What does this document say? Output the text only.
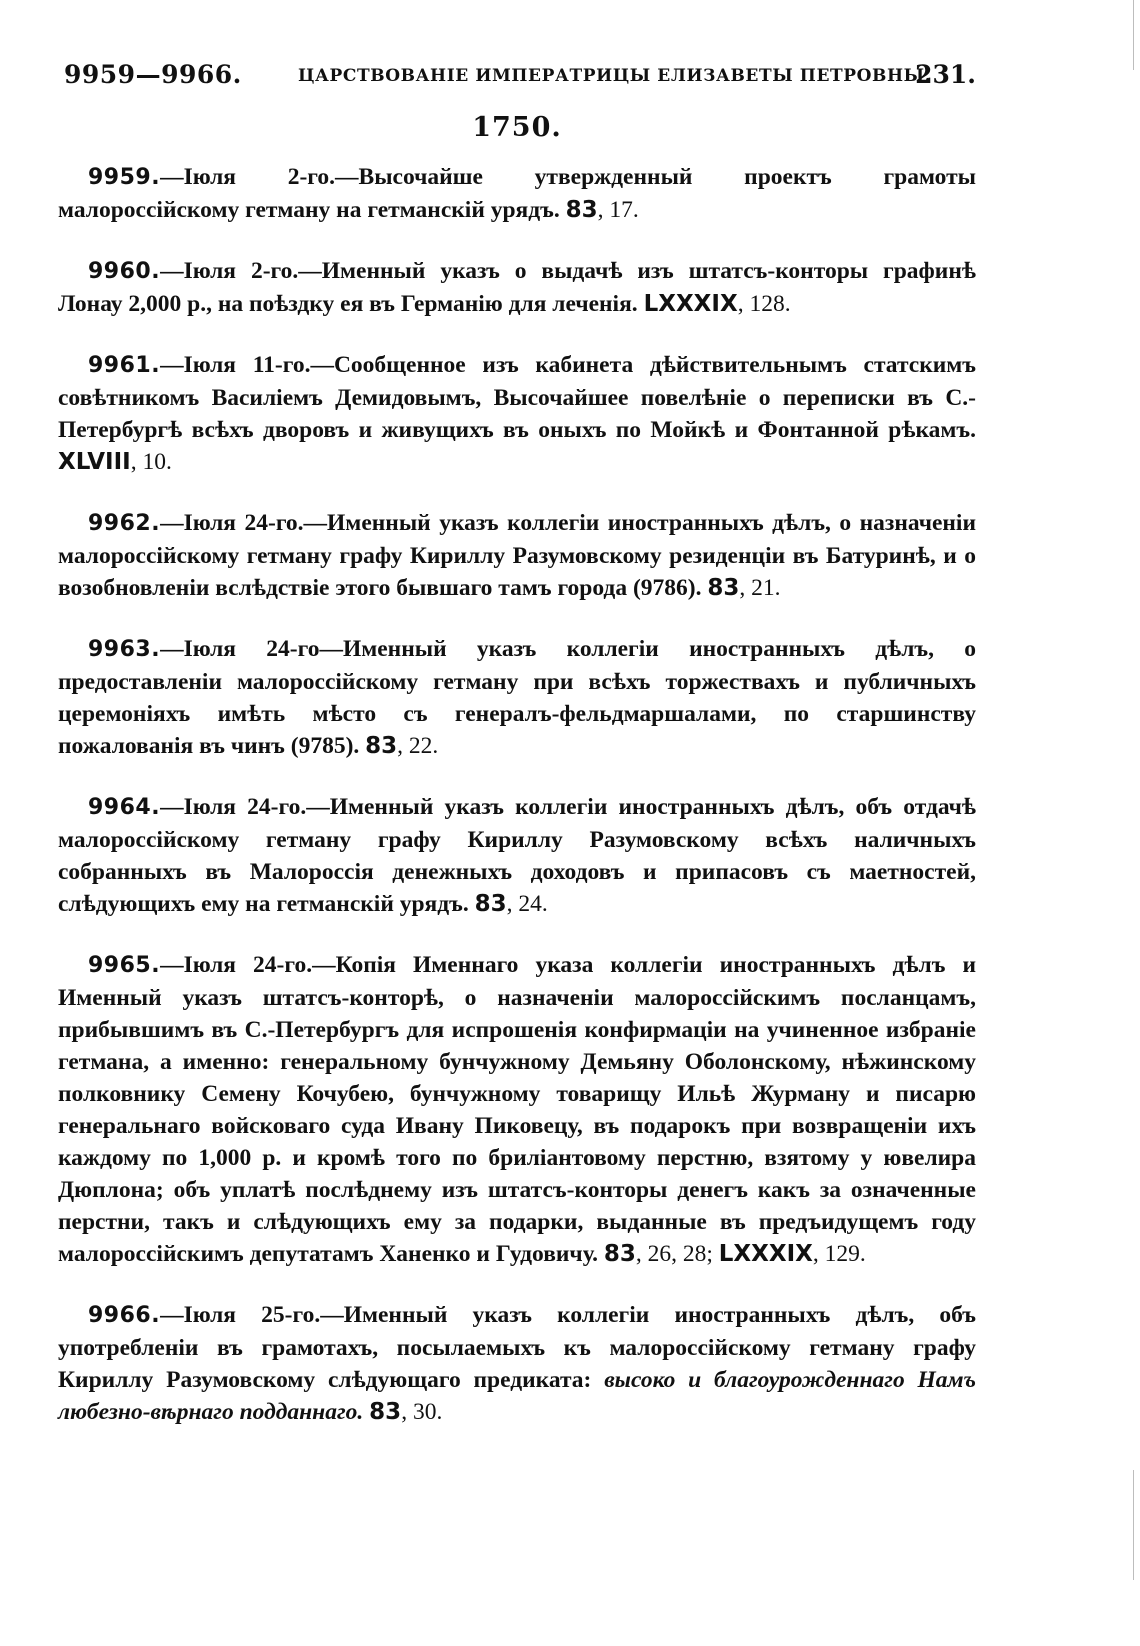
9959—9966.	ЦАРСТВОВАНІЕ ИМПЕРАТРИЦЫ ЕЛИЗАВЕТЫ ПЕТРОВНЫ.
231.
1750.

9959.—Іюля 2-го.—Высочайше утвержденный проектъ грамоты малороссійскому гетману на гетманскій урядъ. 83, 17.

9960.—Іюля 2-го.—Именный указъ о выдачѣ изъ штатсъ-конторы графинѣ Лонау 2,000 р., на поѣздку ея въ Германію для леченія. LXXXIX, 128.

9961.—Іюля 11-го.—Сообщенное изъ кабинета дѣйствительнымъ статскимъ совѣтникомъ Василіемъ Демидовымъ, Высочайшее повелѣніе о переписки въ С.-Петербургѣ всѣхъ дворовъ и живущихъ въ оныхъ по Мойкѣ и Фонтанной рѣкамъ. XLVIII, 10.

9962.—Іюля 24-го.—Именный указъ коллегіи иностранныхъ дѣлъ, о назначеніи малороссійскому гетману графу Кириллу Разумовскому резиденціи въ Батуринѣ, и о возобновленіи вслѣдствіе этого бывшаго тамъ города (9786). 83, 21.

9963.—Іюля 24-го—Именный указъ коллегіи иностранныхъ дѣлъ, о предоставленіи малороссійскому гетману при всѣхъ торжествахъ и публичныхъ церемоніяхъ имѣть мѣсто съ генералъ-фельдмаршалами, по старшинству пожалованія въ чинъ (9785). 83, 22.

9964.—Іюля 24-го.—Именный указъ коллегіи иностранныхъ дѣлъ, объ отдачѣ малороссійскому гетману графу Кириллу Разумовскому всѣхъ наличныхъ собранныхъ въ Малороссія денежныхъ доходовъ и припасовъ съ маетностей, слѣдующихъ ему на гетманскій урядъ. 83, 24.

9965.—Іюля 24-го.—Копія Именнаго указа коллегіи иностранныхъ дѣлъ и Именный указъ штатсъ-конторѣ, о назначеніи малороссійскимъ посланцамъ, прибывшимъ въ С.-Петербургъ для испрошенія конфирмаціи на учиненное избраніе гетмана, а именно: генеральному бунчужному Демьяну Оболонскому, нѣжинскому полковнику Семену Кочубею, бунчужному товарищу Ильѣ Журману и писарю генеральнаго войсковаго суда Ивану Пиковецу, въ подарокъ при возвращеніи ихъ каждому по 1,000 р. и кромѣ того по бриліантовому перстню, взятому у ювелира Дюплона; объ уплатѣ послѣднему изъ штатсъ-конторы денегъ какъ за означенные перстни, такъ и слѣдующихъ ему за подарки, выданные въ предъидущемъ году малороссійскимъ депутатамъ Ханенко и Гудовичу. 83, 26, 28; LXXXIX, 129.

9966.—Іюля 25-го.—Именный указъ коллегіи иностранныхъ дѣлъ, объ употребленіи въ грамотахъ, посылаемыхъ къ малороссійскому гетману графу Кириллу Разумовскому слѣдующаго предиката: высоко и благоурожденнаго Намъ любезно-вѣрнаго подданнаго. 83, 30.
